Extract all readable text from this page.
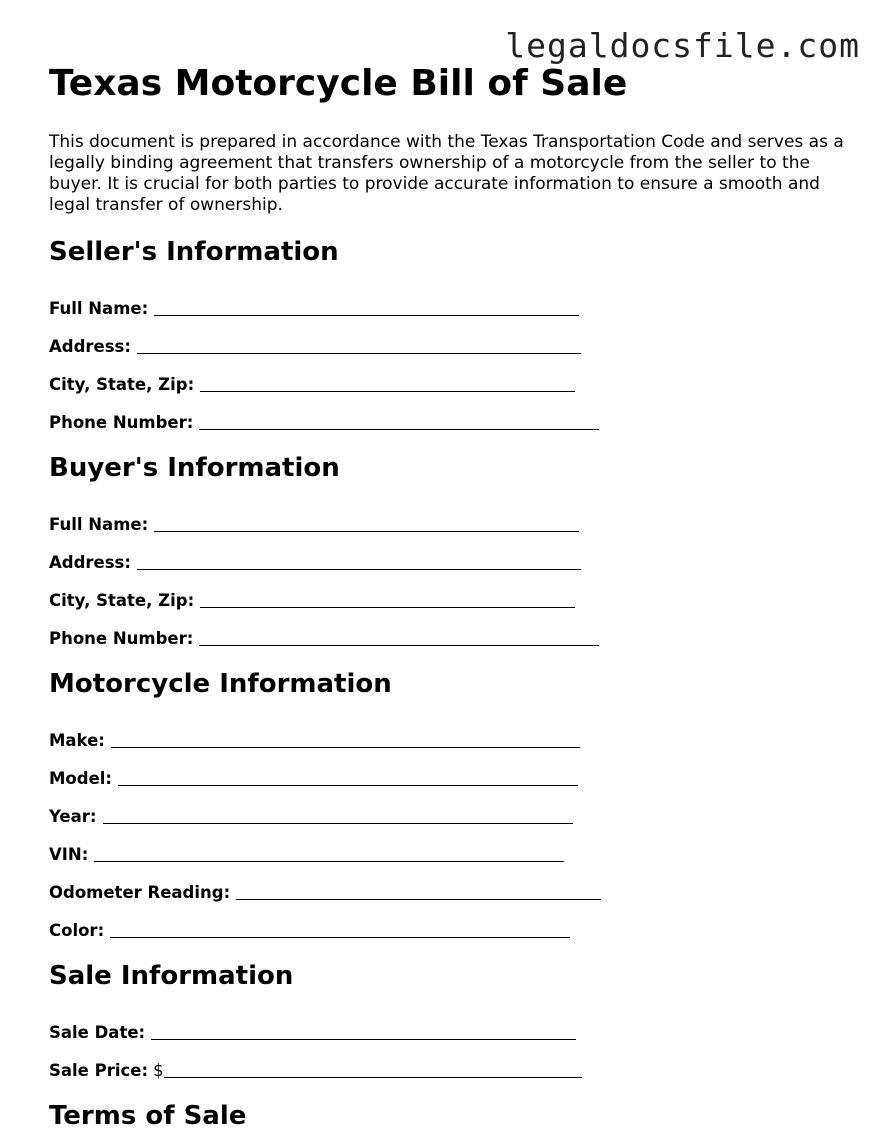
legaldocsfile.com
Texas Motorcycle Bill of Sale

This document is prepared in accordance with the Texas Transportation Code and serves as a legally binding agreement that transfers ownership of a motorcycle from the seller to the buyer. It is crucial for both parties to provide accurate information to ensure a smooth and legal transfer of ownership.

Seller's Information
Full Name:
Address:
City, State, Zip:
Phone Number:
Buyer's Information
Full Name:
Address:
City, State, Zip:
Phone Number:
Motorcycle Information
Make:
Model:
Year:
VIN:
Odometer Reading:
Color:
Sale Information
Sale Date:
Sale Price: $
Terms of Sale
